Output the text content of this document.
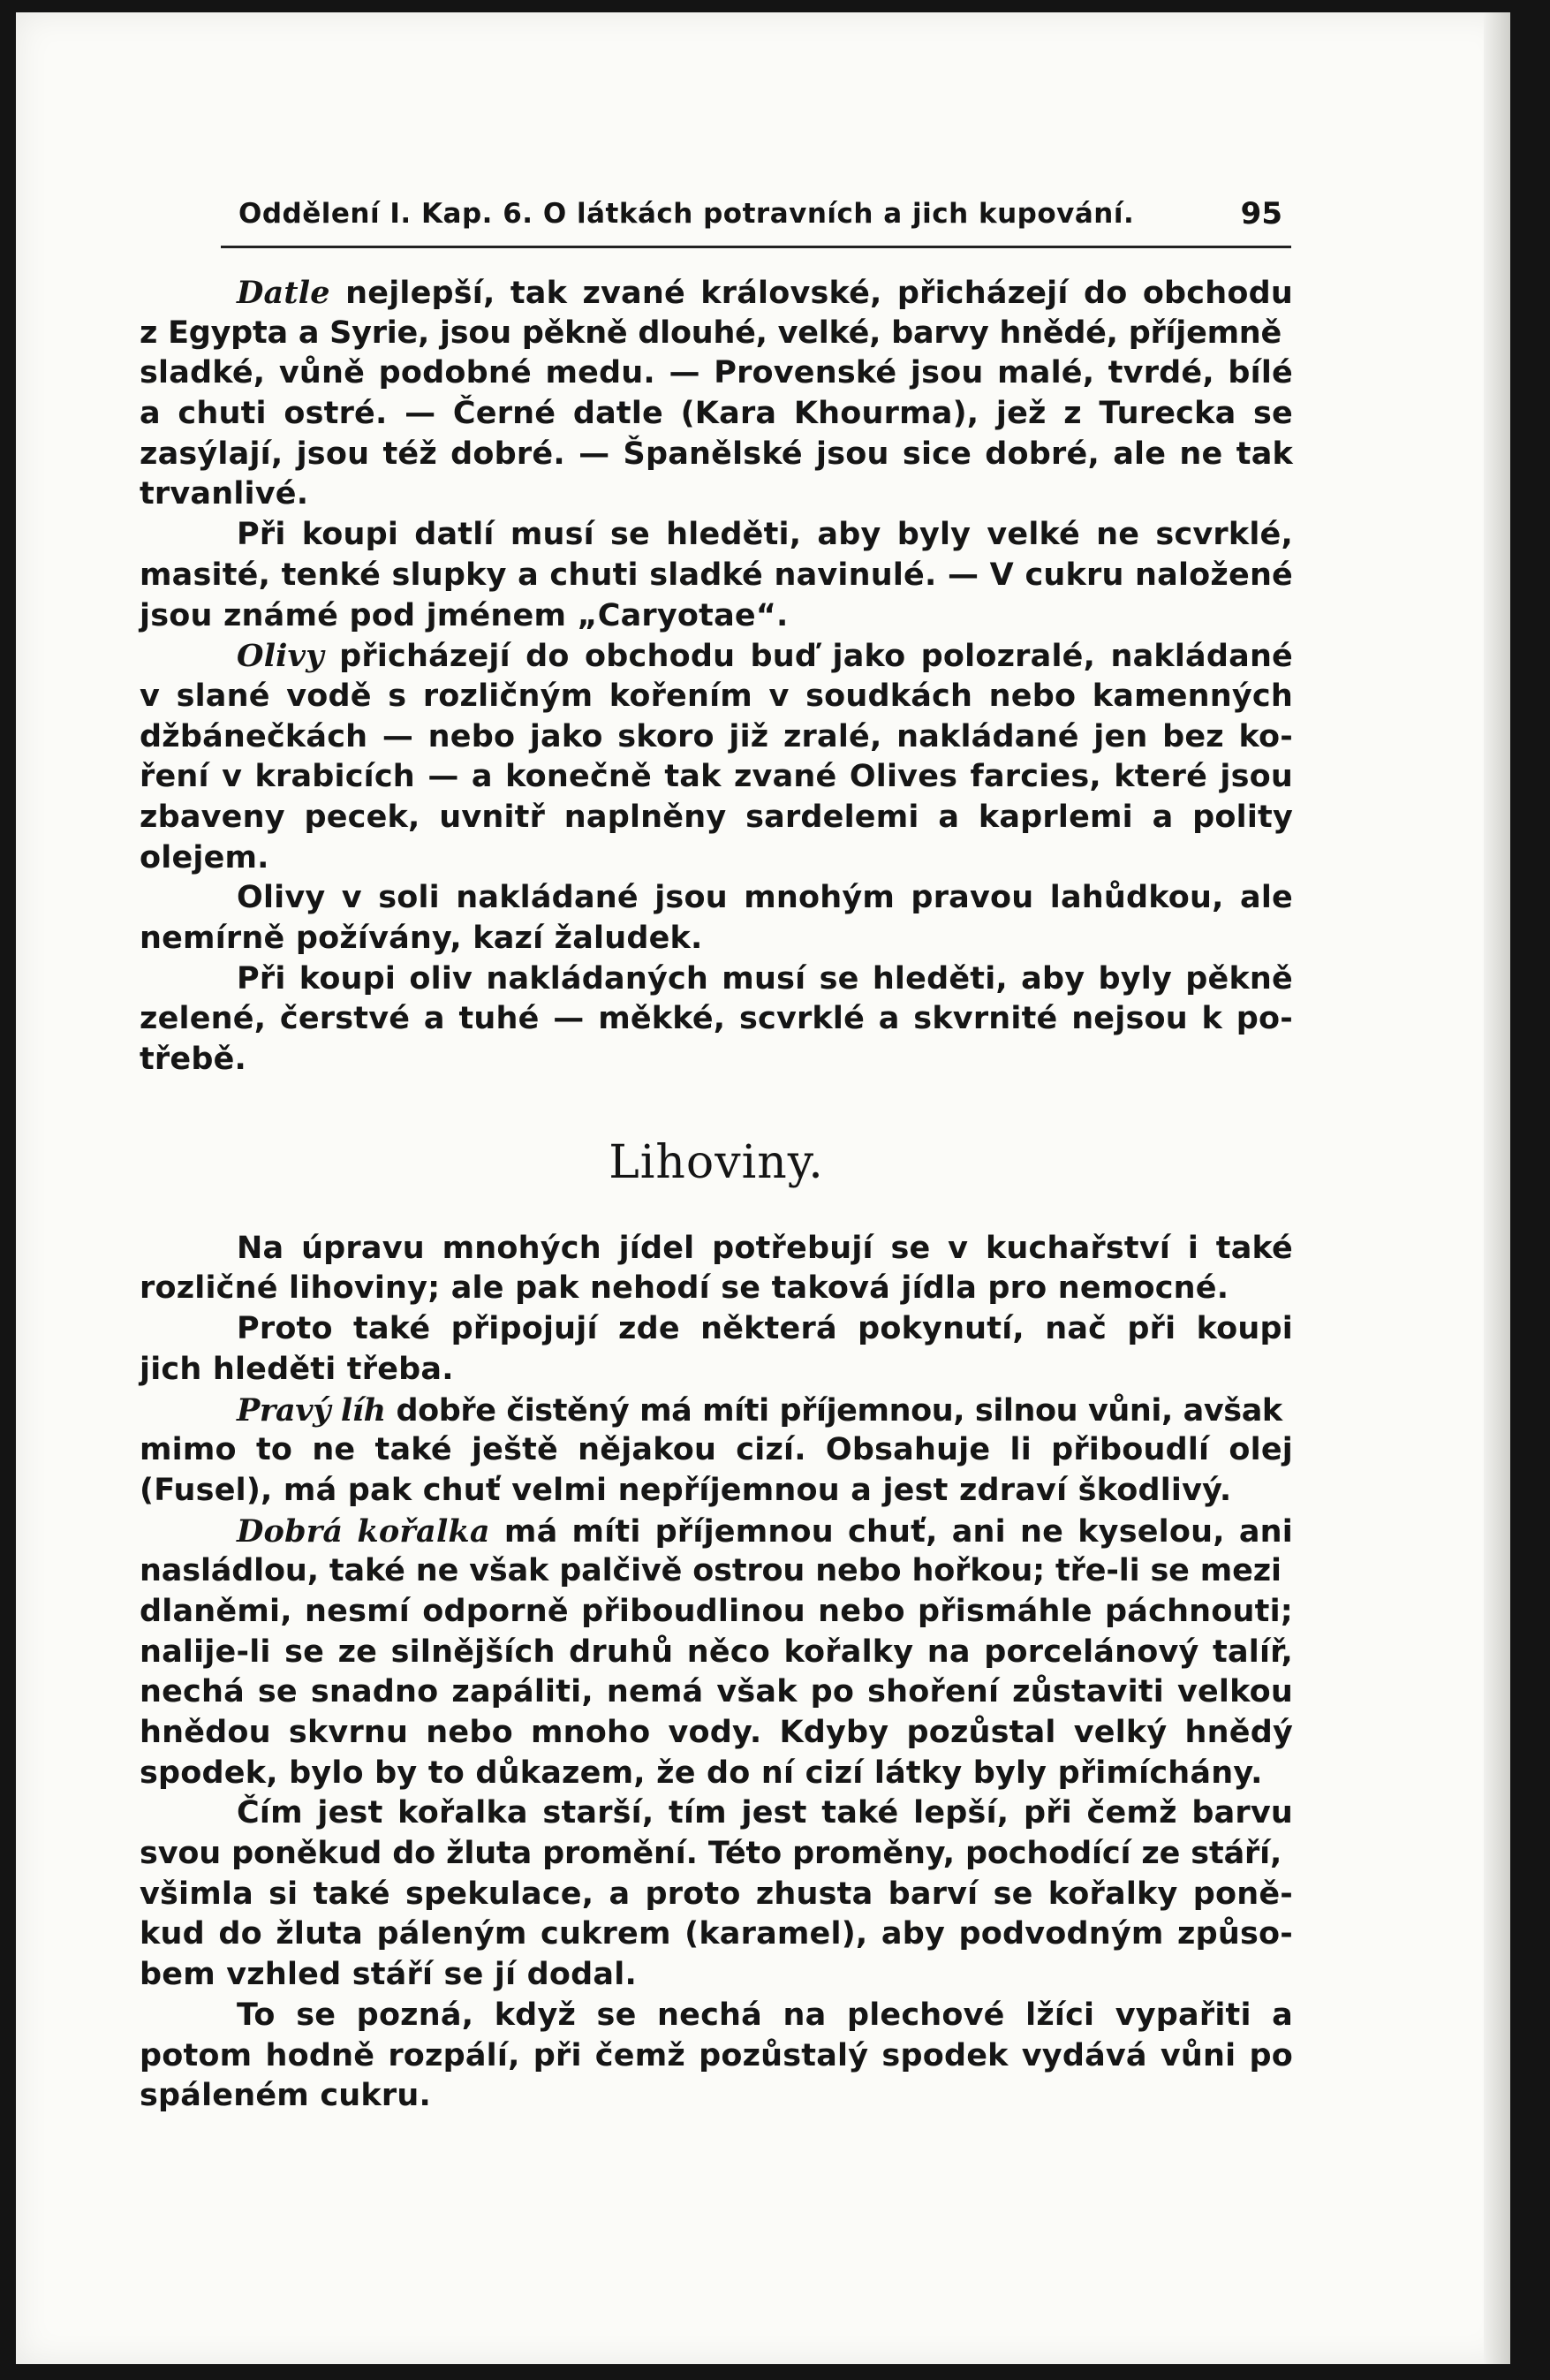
Oddělení I. Kap. 6. O látkách potravních a jich kupování.	95
Datle nejlepší, tak zvané královské, přicházejí do obchodu
z Egypta a Syrie, jsou pěkně dlouhé, velké, barvy hnědé, příjemně
sladké, vůně podobné medu. — Provenské jsou malé, tvrdé, bílé
a chuti ostré. — Černé datle (Kara Khourma), jež z Turecka se
zasýlají, jsou též dobré. — Španělské jsou sice dobré, ale ne tak
trvanlivé.
Při koupi datlí musí se hleděti, aby byly velké ne scvrklé,
masité, tenké slupky a chuti sladké navinulé. — V cukru naložené
jsou známé pod jménem „Caryotae“.
Olivy přicházejí do obchodu buď jako polozralé, nakládané
v slané vodě s rozličným kořením v soudkách nebo kamenných
džbánečkách — nebo jako skoro již zralé, nakládané jen bez ko-
ření v krabicích — a konečně tak zvané Olives farcies, které jsou
zbaveny pecek, uvnitř naplněny sardelemi a kaprlemi a polity
olejem.
Olivy v soli nakládané jsou mnohým pravou lahůdkou, ale
nemírně požívány, kazí žaludek.
Při koupi oliv nakládaných musí se hleděti, aby byly pěkně
zelené, čerstvé a tuhé — měkké, scvrklé a skvrnité nejsou k po-
třebě.
Lihoviny.
Na úpravu mnohých jídel potřebují se v kuchařství i také
rozličné lihoviny; ale pak nehodí se taková jídla pro nemocné.
Proto také připojují zde některá pokynutí, nač při koupi
jich hleděti třeba.
Pravý líh dobře čistěný má míti příjemnou, silnou vůni, avšak
mimo to ne také ještě nějakou cizí. Obsahuje li přiboudlí olej
(Fusel), má pak chuť velmi nepříjemnou a jest zdraví škodlivý.
Dobrá kořalka má míti příjemnou chuť, ani ne kyselou, ani
nasládlou, také ne však palčivě ostrou nebo hořkou; tře-li se mezi
dlaněmi, nesmí odporně přiboudlinou nebo přismáhle páchnouti;
nalije-li se ze silnějších druhů něco kořalky na porcelánový talíř,
nechá se snadno zapáliti, nemá však po shoření zůstaviti velkou
hnědou skvrnu nebo mnoho vody. Kdyby pozůstal velký hnědý
spodek, bylo by to důkazem, že do ní cizí látky byly přimíchány.
Čím jest kořalka starší, tím jest také lepší, při čemž barvu
svou poněkud do žluta promění. Této proměny, pochodící ze stáří,
všimla si také spekulace, a proto zhusta barví se kořalky poně-
kud do žluta páleným cukrem (karamel), aby podvodným způso-
bem vzhled stáří se jí dodal.
To se pozná, když se nechá na plechové lžíci vypařiti a
potom hodně rozpálí, při čemž pozůstalý spodek vydává vůni po
spáleném cukru.
